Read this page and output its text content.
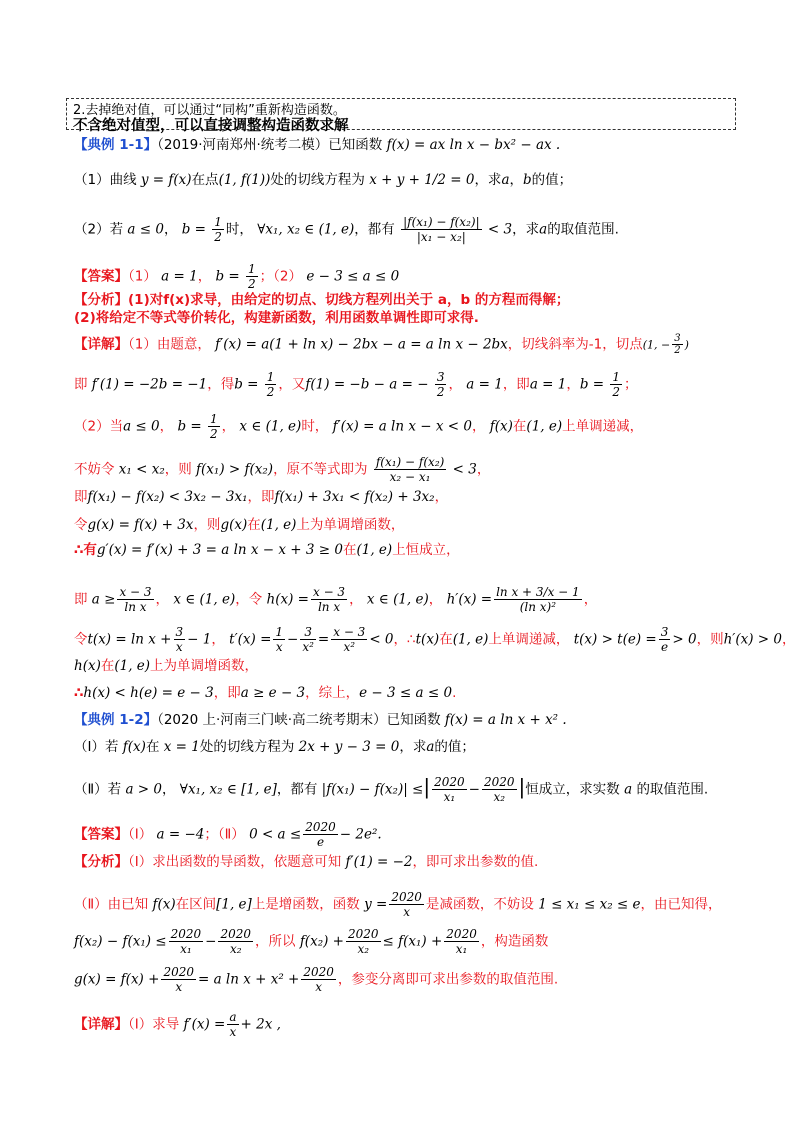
2.去掉绝对值，可以通过“同构”重新构造函数。
不含绝对值型，可以直接调整构造函数求解
【典例 1-1】（2019·河南郑州·统考二模）已知函数 f(x) = ax ln x − bx² − ax .
（1）曲线 y = f(x)在点(1, f(1))处的切线方程为 x + y + 1/2 = 0，求a，b的值；
（2）若 a ≤ 0， $b = \frac{1}{2}$ 时， ∀x₁, x₂ ∈ (1, e)，都有 $\frac{\text{|f(x₁) − f(x₂)|}}{\text{|x₁ − x₂|}} < 3$，求a的取值范围.
【答案】（1） a = 1， $b = \frac{1}{2}$ ；（2） e − 3 ≤ a ≤ 0
【分析】(1)对f(x)求导，由给定的切点、切线方程列出关于 a，b 的方程而得解；
(2)将给定不等式等价转化，构建新函数，利用函数单调性即可求得.
【详解】（1）由题意， f′(x) = a(1 + ln x) − 2bx − a = a ln x − 2bx，切线斜率为-1，切点(1, − $\frac{3}{2}$ )
即 f′(1) = −2b = −1，得$b = \frac{1}{2}$ ，又f(1) = −b − a = − $\frac{3}{2}$ ， a = 1，即a = 1，$b = \frac{1}{2}$ ；
（2）当a ≤ 0， $b = \frac{1}{2}$ ， x ∈ (1, e)时， f′(x) = a ln x − x < 0， f(x)在(1, e)上单调递减，
不妨令 x₁ < x₂，则 f(x₁) > f(x₂)，原不等式即为 $\frac{\text{f(x₁) − f(x₂)}}{\text{x₂ − x₁}} < 3$，
即f(x₁) − f(x₂) < 3x₂ − 3x₁，即f(x₁) + 3x₁ < f(x₂) + 3x₂，
令g(x) = f(x) + 3x，则g(x)在(1, e)上为单调增函数，
∴有g′(x) = f′(x) + 3 = a ln x − x + 3 ≥ 0在(1, e)上恒成立，
即 $a \ge \frac{x - 3}{\text{ln x}}$ ， x ∈ (1, e)，令 $h(x) = \frac{x - 3}{\text{ln x}}$ ， x ∈ (1, e)， $h'(x) = \frac{\text{ln x + 3/x − 1}}{\text{(ln x)²}}$ ，
令$t(x) = \ln x + \frac{3}{x} - 1$， $t'(x) = \frac{1}{x} - \frac{3}{\text{x²}} = \frac{x - 3}{\text{x²}} < 0$，∴t(x)在(1, e)上单调递减， $t(x) > t(e) = \frac{3}{e} > 0$，则h′(x) > 0，
h(x)在(1, e)上为单调增函数，
∴h(x) < h(e) = e − 3，即a ≥ e − 3，综上，e − 3 ≤ a ≤ 0.
【典例 1-2】（2020 上·河南三门峡·高二统考期末）已知函数 f(x) = a ln x + x² .
（Ⅰ）若 f(x)在 x = 1处的切线方程为 2x + y − 3 = 0，求a的值；
（Ⅱ）若 a > 0， ∀x₁, x₂ ∈ [1, e]，都有 |f(x₁) − f(x₂)| ≤| $\frac{2020}{\text{x₁}} - \frac{2020}{\text{x₂}}$ |恒成立，求实数 a 的取值范围.
【答案】（Ⅰ） a = −4；（Ⅱ） $0 < a \le \frac{2020}{e} - 2e^2$.
【分析】（Ⅰ）求出函数的导函数，依题意可知 f′(1) = −2，即可求出参数的值.
（Ⅱ）由已知 f(x)在区间[1, e]上是增函数，函数 $y = \frac{2020}{x}$ 是减函数，不妨设 1 ≤ x₁ ≤ x₂ ≤ e，由已知得，
$f(x_2) - f(x_1) \le \frac{2020}{\text{x₁}} - \frac{2020}{\text{x₂}}$ ，所以 $f(x_2) + \frac{2020}{\text{x₂}} \le f(x_1) + \frac{2020}{\text{x₁}}$ ，构造函数
$g(x) = f(x) + \frac{2020}{x} = a$ $\ln x + x^2 + \frac{2020}{x}$ ，参变分离即可求出参数的取值范围.
【详解】（Ⅰ）求导 $f'(x) = \frac{a}{x} + 2x$ ,
